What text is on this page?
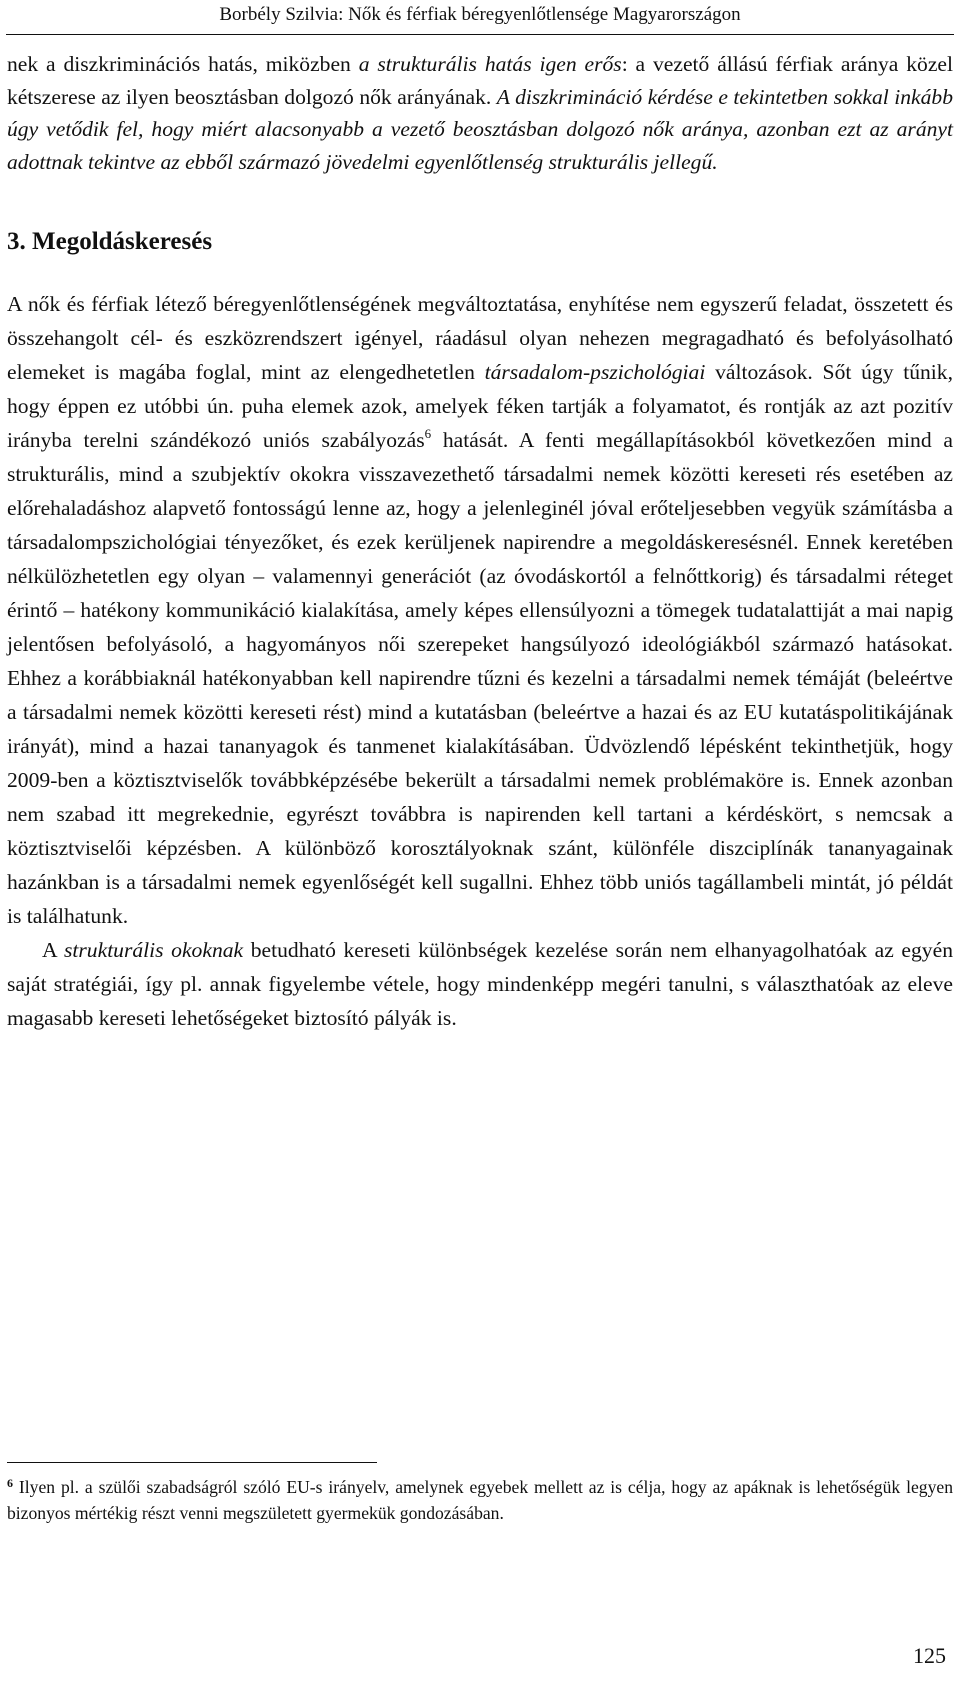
Borbély Szilvia: Nők és férfiak béregyenlőtlensége Magyarországon
nek a diszkriminációs hatás, miközben a strukturális hatás igen erős: a vezető állású férfiak aránya közel kétszerese az ilyen beosztásban dolgozó nők arányának. A diszkrimináció kérdése e tekintetben sokkal inkább úgy vetődik fel, hogy miért alacsonyabb a vezető beosztásban dolgozó nők aránya, azonban ezt az arányt adottnak tekintve az ebből származó jövedelmi egyenlőtlenség strukturális jellegű.
3. Megoldáskeresés

A nők és férfiak létező béregyenlőtlenségének megváltoztatása, enyhítése nem egyszerű feladat, összetett és összehangolt cél- és eszközrendszert igényel, ráadásul olyan nehezen megragadható és befolyásolható elemeket is magába foglal, mint az elengedhetetlen társadalom-pszichológiai változások. Sőt úgy tűnik, hogy éppen ez utóbbi ún. puha elemek azok, amelyek féken tartják a folyamatot, és rontják az azt pozitív irányba terelni szándékozó uniós szabályozás$^6$ hatását. A fenti megállapításokból következően mind a strukturális, mind a szubjektív okokra visszavezethető társadalmi nemek közötti kereseti rés esetében az előrehaladáshoz alapvető fontosságú lenne az, hogy a jelenleginél jóval erőteljesebben vegyük számításba a társadalompszichológiai tényezőket, és ezek kerüljenek napirendre a megoldáskeresésnél. Ennek keretében nélkülözhetetlen egy olyan – valamennyi generációt (az óvodáskortól a felnőttkorig) és társadalmi réteget érintő – hatékony kommunikáció kialakítása, amely képes ellensúlyozni a tömegek tudatalattiját a mai napig jelentősen befolyásoló, a hagyományos női szerepeket hangsúlyozó ideológiákból származó hatásokat. Ehhez a korábbiaknál hatékonyabban kell napirendre tűzni és kezelni a társadalmi nemek témáját (beleértve a társadalmi nemek közötti kereseti rést) mind a kutatásban (beleértve a hazai és az EU kutatáspolitikájának irányát), mind a hazai tananyagok és tanmenet kialakításában. Üdvözlendő lépésként tekinthetjük, hogy 2009-ben a köztisztviselők továbbképzésébe bekerült a társadalmi nemek problémaköre is. Ennek azonban nem szabad itt megrekednie, egyrészt továbbra is napirenden kell tartani a kérdéskört, s nemcsak a köztisztviselői képzésben. A különböző korosztályoknak szánt, különféle diszciplínák tananyagainak hazánkban is a társadalmi nemek egyenlőségét kell sugallni. Ehhez több uniós tagállambeli mintát, jó példát is találhatunk.

A strukturális okoknak betudható kereseti különbségek kezelése során nem elhanyagolhatóak az egyén saját stratégiái, így pl. annak figyelembe vétele, hogy mindenképp megéri tanulni, s választhatóak az eleve magasabb kereseti lehetőségeket biztosító pályák is.

$^6$ Ilyen pl. a szülői szabadságról szóló EU-s irányelv, amelynek egyebek mellett az is célja, hogy az apáknak is lehetőségük legyen bizonyos mértékig részt venni megszületett gyermekük gondozásában.
125
